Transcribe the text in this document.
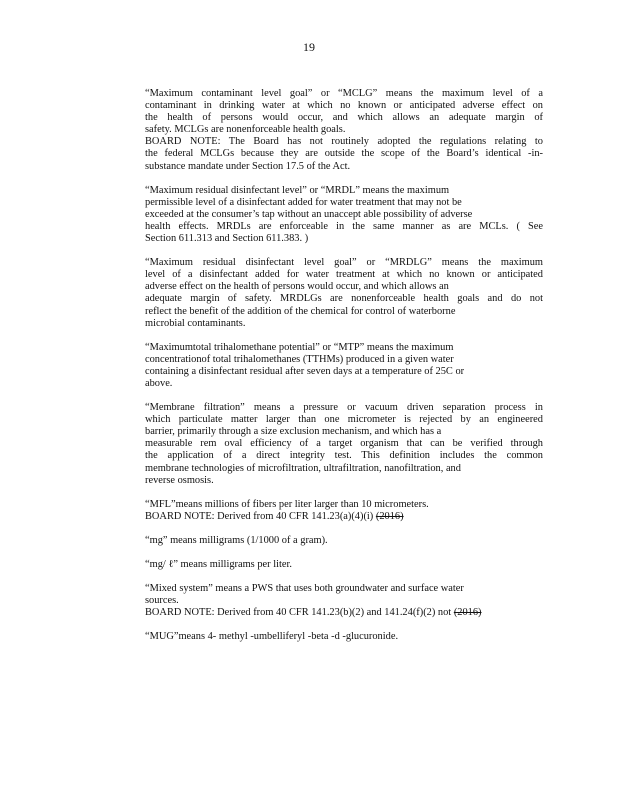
19
“Maximum contaminant level goal” or “MCLG” means the maximum level of a
contaminant in drinking water at which no known or anticipated adverse effect on
the health of persons would occur, and which allows an adequate margin of
safety. MCLGs are nonenforceable health goals.
BOARD NOTE: The Board has not routinely adopted the regulations relating to
the federal MCLGs because they are outside the scope of the Board’s identical -in-
substance mandate under Section 17.5 of the Act.
“Maximum residual disinfectant level” or “MRDL” means the maximum
permissible level of a disinfectant added for water treatment that may not be
exceeded at the consumer’s tap without an unaccept able possibility of adverse
health effects. MRDLs are enforceable in the same manner as are MCLs. ( See
Section 611.313 and Section 611.383. )
“Maximum residual disinfectant level goal” or “MRDLG” means the maximum
level of a disinfectant added for water treatment at which no known or anticipated
adverse effect on the health of persons would occur, and which allows an
adequate margin of safety. MRDLGs are nonenforceable health goals and do not
reflect the benefit of the addition of the chemical for control of waterborne
microbial contaminants.
“Maximumtotal trihalomethane potential” or “MTP” means the maximum
concentrationof total trihalomethanes (TTHMs) produced in a given water
containing a disinfectant residual after seven days at a temperature of 25C or
above.
“Membrane filtration” means a pressure or vacuum driven separation process in
which particulate matter larger than one micrometer is rejected by an engineered
barrier, primarily through a size exclusion mechanism, and which has a
measurable rem oval efficiency of a target organism that can be verified through
the application of a direct integrity test. This definition includes the common
membrane technologies of microfiltration, ultrafiltration, nanofiltration, and
reverse osmosis.
“MFL”means millions of fibers per liter larger than 10 micrometers.
BOARD NOTE: Derived from 40 CFR 141.23(a)(4)(i) (2016)
“mg” means milligrams (1/1000 of a gram).
“mg/ ℓ” means milligrams per liter.
“Mixed system” means a PWS that uses both groundwater and surface water
sources.
BOARD NOTE: Derived from 40 CFR 141.23(b)(2) and 141.24(f)(2) not (2016)
“MUG”means 4- methyl -umbelliferyl -beta -d -glucuronide.
